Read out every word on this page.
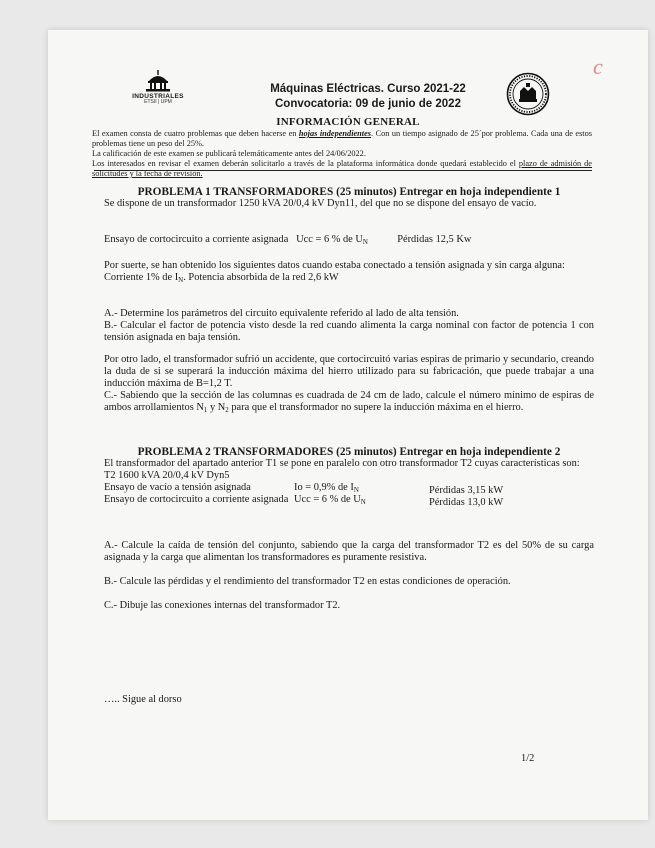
INDUSTRIALES
ETSII | UPM
Máquinas Eléctricas. Curso 2021-22
Convocatoria: 09 de junio de 2022
c
INFORMACIÓN GENERAL

El examen consta de cuatro problemas que deben hacerse en hojas independientes. Con un tiempo asignado de 25´por problema. Cada una de estos problemas tiene un peso del 25%.

La calificación de este examen se publicará telemáticamente antes del 24/06/2022.

Los interesados en revisar el examen deberán solicitarlo a través de la plataforma informática donde quedará establecido el plazo de admisión de solicitudes y la fecha de revisión.

PROBLEMA 1 TRANSFORMADORES (25 minutos) Entregar en hoja independiente 1

Se dispone de un transformador 1250 kVA 20/0,4 kV Dyn11, del que no se dispone del ensayo de vacío.

Ensayo de cortocircuito a corriente asignada Ucc = 6 % de $U_N$	Pérdidas 12,5 Kw

Por suerte, se han obtenido los siguientes datos cuando estaba conectado a tensión asignada y sin carga alguna:

Corriente 1% de $I_N$. Potencia absorbida de la red 2,6 kW

A.- Determine los parámetros del circuito equivalente referido al lado de alta tensión.

B.- Calcular el factor de potencia visto desde la red cuando alimenta la carga nominal con factor de potencia 1 con tensión asignada en baja tensión.

Por otro lado, el transformador sufrió un accidente, que cortocircuitó varias espiras de primario y secundario, creando la duda de si se superará la inducción máxima del hierro utilizado para su fabricación, que puede trabajar a una inducción máxima de B=1,2 T.

C.- Sabiendo que la sección de las columnas es cuadrada de 24 cm de lado, calcule el número mínimo de espiras de ambos arrollamientos $N_1$ y $N_2$ para que el transformador no supere la inducción máxima en el hierro.

PROBLEMA 2 TRANSFORMADORES (25 minutos) Entregar en hoja independiente 2

El transformador del apartado anterior T1 se pone en paralelo con otro transformador T2 cuyas características son:

T2 1600 kVA 20/0,4 kV Dyn5

Ensayo de vacío a tensión asignada	Io = 0,9% de $I_N$	Pérdidas 3,15 kW
Ensayo de cortocircuito a corriente asignada Ucc = 6 % de $U_N$	Pérdidas 13,0 kW
A.- Calcule la caída de tensión del conjunto, sabiendo que la carga del transformador T2 es del 50% de su carga asignada y la carga que alimentan los transformadores es puramente resistiva.
B.- Calcule las pérdidas y el rendimiento del transformador T2 en estas condiciones de operación.
C.- Dibuje las conexiones internas del transformador T2.
….. Sigue al dorso
1/2
